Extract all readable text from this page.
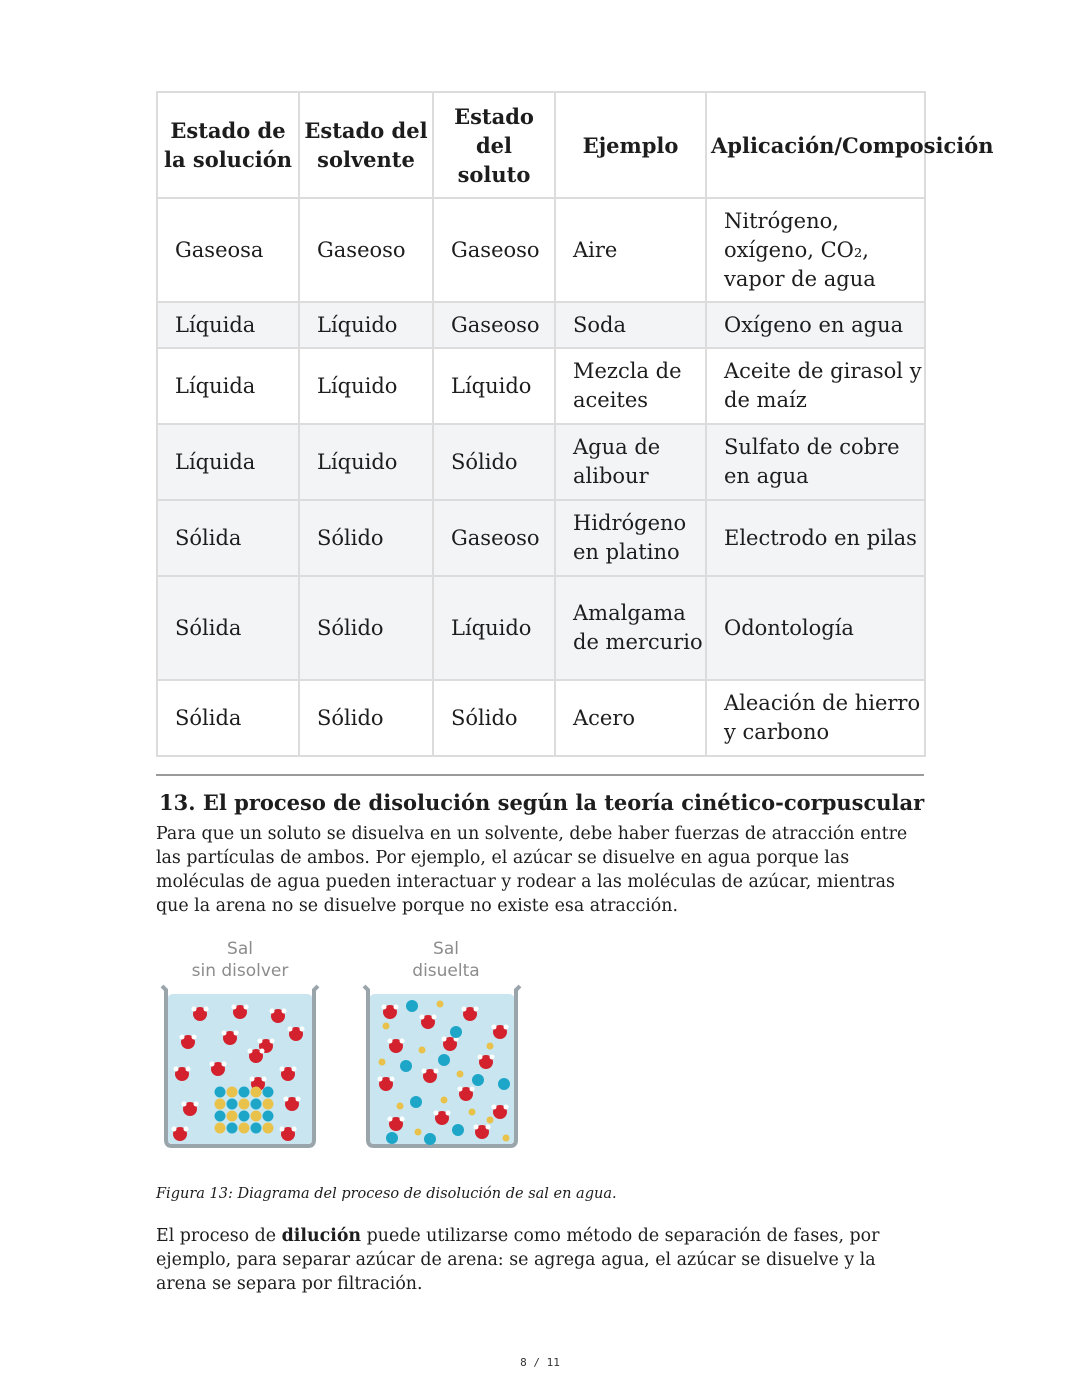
Estado de la solución	Estado del solvente	Estado del soluto	Ejemplo	Aplicación/Composición
Gaseosa	Gaseoso	Gaseoso	Aire	Nitrógeno, oxígeno, CO₂, vapor de agua
Líquida	Líquido	Gaseoso	Soda	Oxígeno en agua
Líquida	Líquido	Líquido	Mezcla de aceites	Aceite de girasol y de maíz
Líquida	Líquido	Sólido	Agua de alibour	Sulfato de cobre en agua
Sólida	Sólido	Gaseoso	Hidrógeno en platino	Electrodo en pilas
Sólida	Sólido	Líquido	Amalgama de mercurio	Odontología
Sólida	Sólido	Sólido	Acero	Aleación de hierro y carbono
13. El proceso de disolución según la teoría cinético-corpuscular
Para que un soluto se disuelva en un solvente, debe haber fuerzas de atracción entre las partículas de ambos. Por ejemplo, el azúcar se disuelve en agua porque las moléculas de agua pueden interactuar y rodear a las moléculas de azúcar, mientras que la arena no se disuelve porque no existe esa atracción.
Sal
sin disolver
Sal
disuelta
Figura 13: Diagrama del proceso de disolución de sal en agua.
El proceso de dilución puede utilizarse como método de separación de fases, por ejemplo, para separar azúcar de arena: se agrega agua, el azúcar se disuelve y la arena se separa por filtración.
8 / 11
